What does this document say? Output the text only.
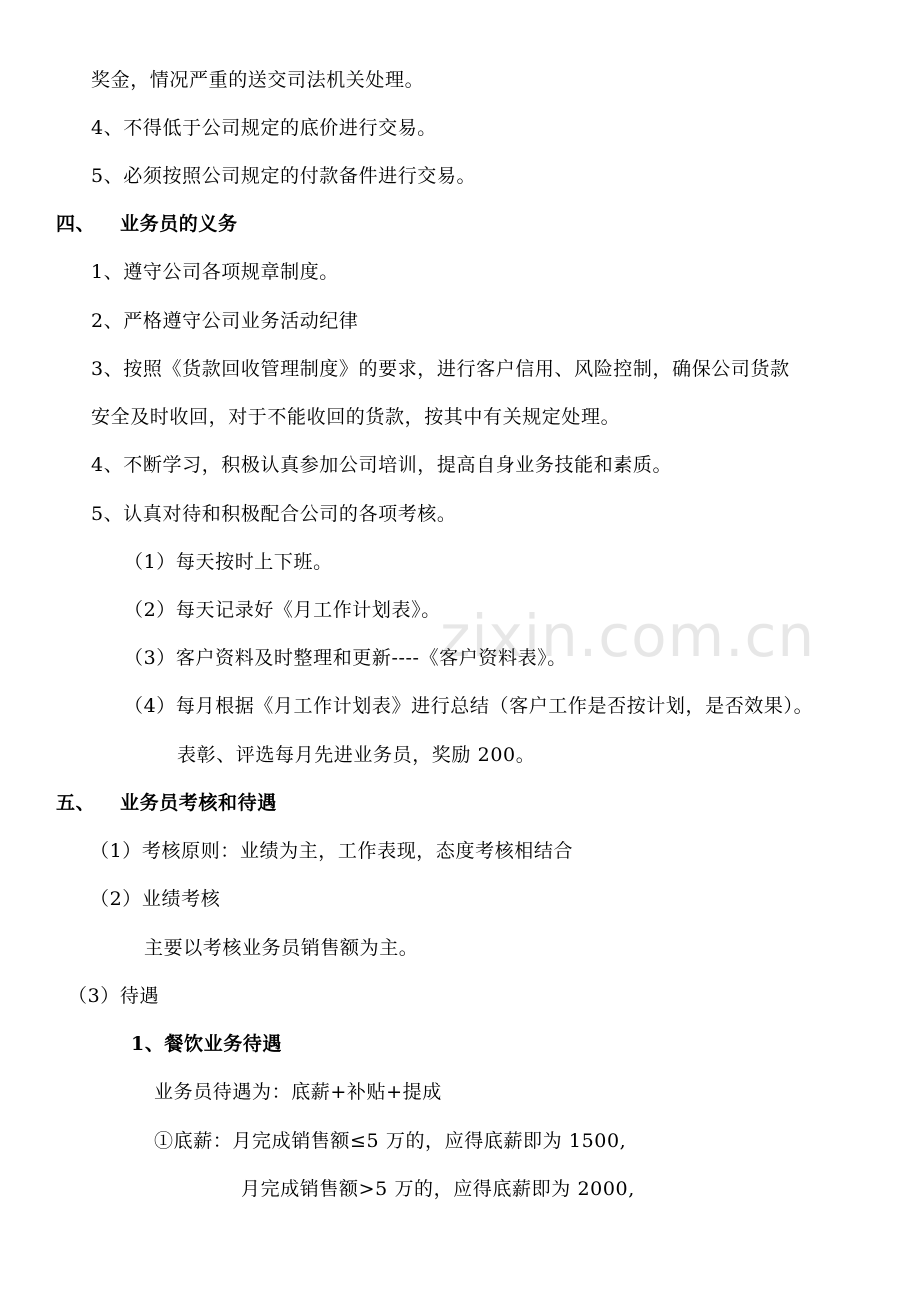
zixin.com.cn
奖金，情况严重的送交司法机关处理。
4、不得低于公司规定的底价进行交易。
5、必须按照公司规定的付款备件进行交易。
四、 业务员的义务
1、遵守公司各项规章制度。
2、严格遵守公司业务活动纪律
3、按照《货款回收管理制度》的要求，进行客户信用、风险控制，确保公司货款
安全及时收回，对于不能收回的货款，按其中有关规定处理。
4、不断学习，积极认真参加公司培训，提高自身业务技能和素质。
5、认真对待和积极配合公司的各项考核。
（1）每天按时上下班。
（2）每天记录好《月工作计划表》。
（3）客户资料及时整理和更新----《客户资料表》。
（4）每月根据《月工作计划表》进行总结（客户工作是否按计划，是否效果）。
表彰、评选每月先进业务员，奖励 200。
五、 业务员考核和待遇
（1）考核原则：业绩为主，工作表现，态度考核相结合
（2）业绩考核
主要以考核业务员销售额为主。
（3）待遇
1、餐饮业务待遇
业务员待遇为：底薪+补贴+提成
①底薪：月完成销售额≤5 万的，应得底薪即为 1500,
月完成销售额>5 万的，应得底薪即为 2000,
